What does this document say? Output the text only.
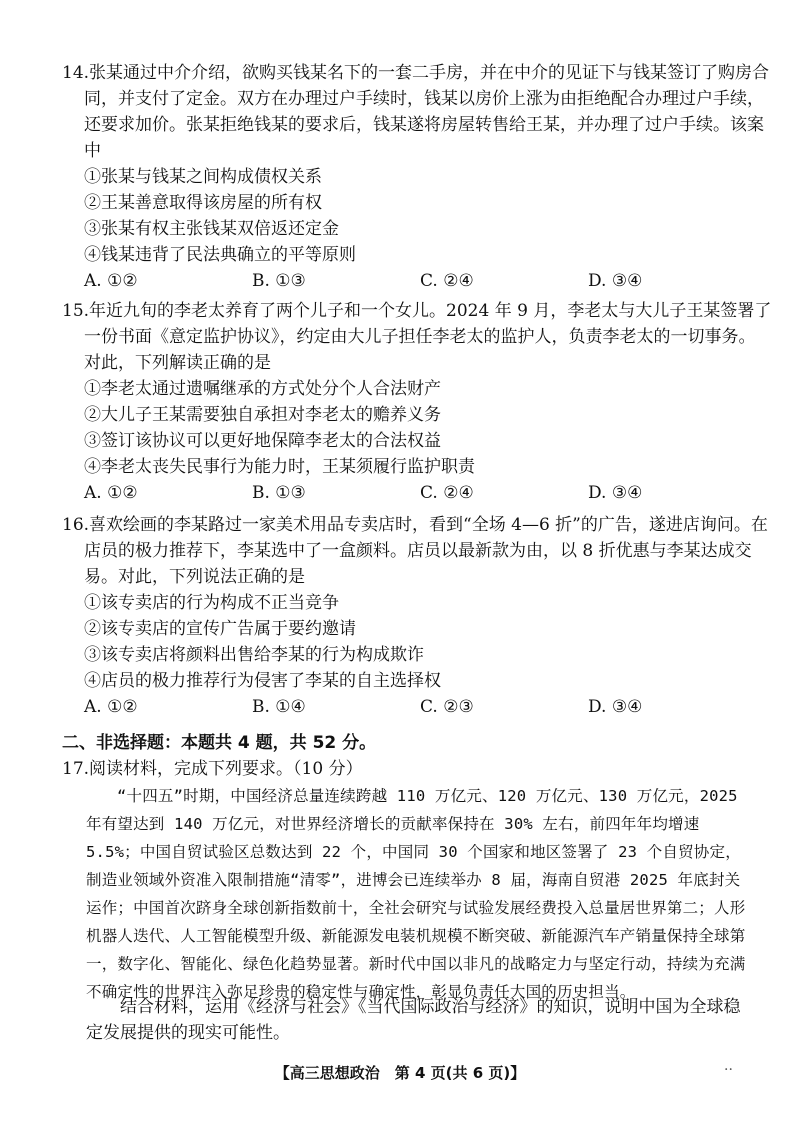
14.张某通过中介介绍，欲购买钱某名下的一套二手房，并在中介的见证下与钱某签订了购房合同，并支付了定金。双方在办理过户手续时，钱某以房价上涨为由拒绝配合办理过户手续，还要求加价。张某拒绝钱某的要求后，钱某遂将房屋转售给王某，并办理了过户手续。该案中

①张某与钱某之间构成债权关系

②王某善意取得该房屋的所有权

③张某有权主张钱某双倍返还定金

④钱某违背了民法典确立的平等原则

A. ①②	B. ①③	C. ②④	D. ③④

15.年近九旬的李老太养育了两个儿子和一个女儿。2024 年 9 月，李老太与大儿子王某签署了一份书面《意定监护协议》，约定由大儿子担任李老太的监护人，负责李老太的一切事务。对此，下列解读正确的是

①李老太通过遗嘱继承的方式处分个人合法财产

②大儿子王某需要独自承担对李老太的赡养义务

③签订该协议可以更好地保障李老太的合法权益

④李老太丧失民事行为能力时，王某须履行监护职责

A. ①②	B. ①③	C. ②④	D. ③④

16.喜欢绘画的李某路过一家美术用品专卖店时，看到“全场 4—6 折”的广告，遂进店询问。在店员的极力推荐下，李某选中了一盒颜料。店员以最新款为由，以 8 折优惠与李某达成交易。对此，下列说法正确的是

①该专卖店的行为构成不正当竞争

②该专卖店的宣传广告属于要约邀请

③该专卖店将颜料出售给李某的行为构成欺诈

④店员的极力推荐行为侵害了李某的自主选择权

A. ①②	B. ①④	C. ②③	D. ③④
二、非选择题：本题共 4 题，共 52 分。
17.阅读材料，完成下列要求。（10 分）

“十四五”时期，中国经济总量连续跨越 110 万亿元、120 万亿元、130 万亿元，2025 年有望达到 140 万亿元，对世界经济增长的贡献率保持在 30% 左右，前四年年均增速 5.5%；中国自贸试验区总数达到 22 个，中国同 30 个国家和地区签署了 23 个自贸协定，制造业领域外资准入限制措施“清零”，进博会已连续举办 8 届，海南自贸港 2025 年底封关运作；中国首次跻身全球创新指数前十，全社会研究与试验发展经费投入总量居世界第二；人形机器人迭代、人工智能模型升级、新能源发电装机规模不断突破、新能源汽车产销量保持全球第一，数字化、智能化、绿色化趋势显著。新时代中国以非凡的战略定力与坚定行动，持续为充满不确定性的世界注入弥足珍贵的稳定性与确定性，彰显负责任大国的历史担当。

结合材料，运用《经济与社会》《当代国际政治与经济》的知识，说明中国为全球稳定发展提供的现实可能性。

【高三思想政治　第 4 页(共 6 页)】	··
